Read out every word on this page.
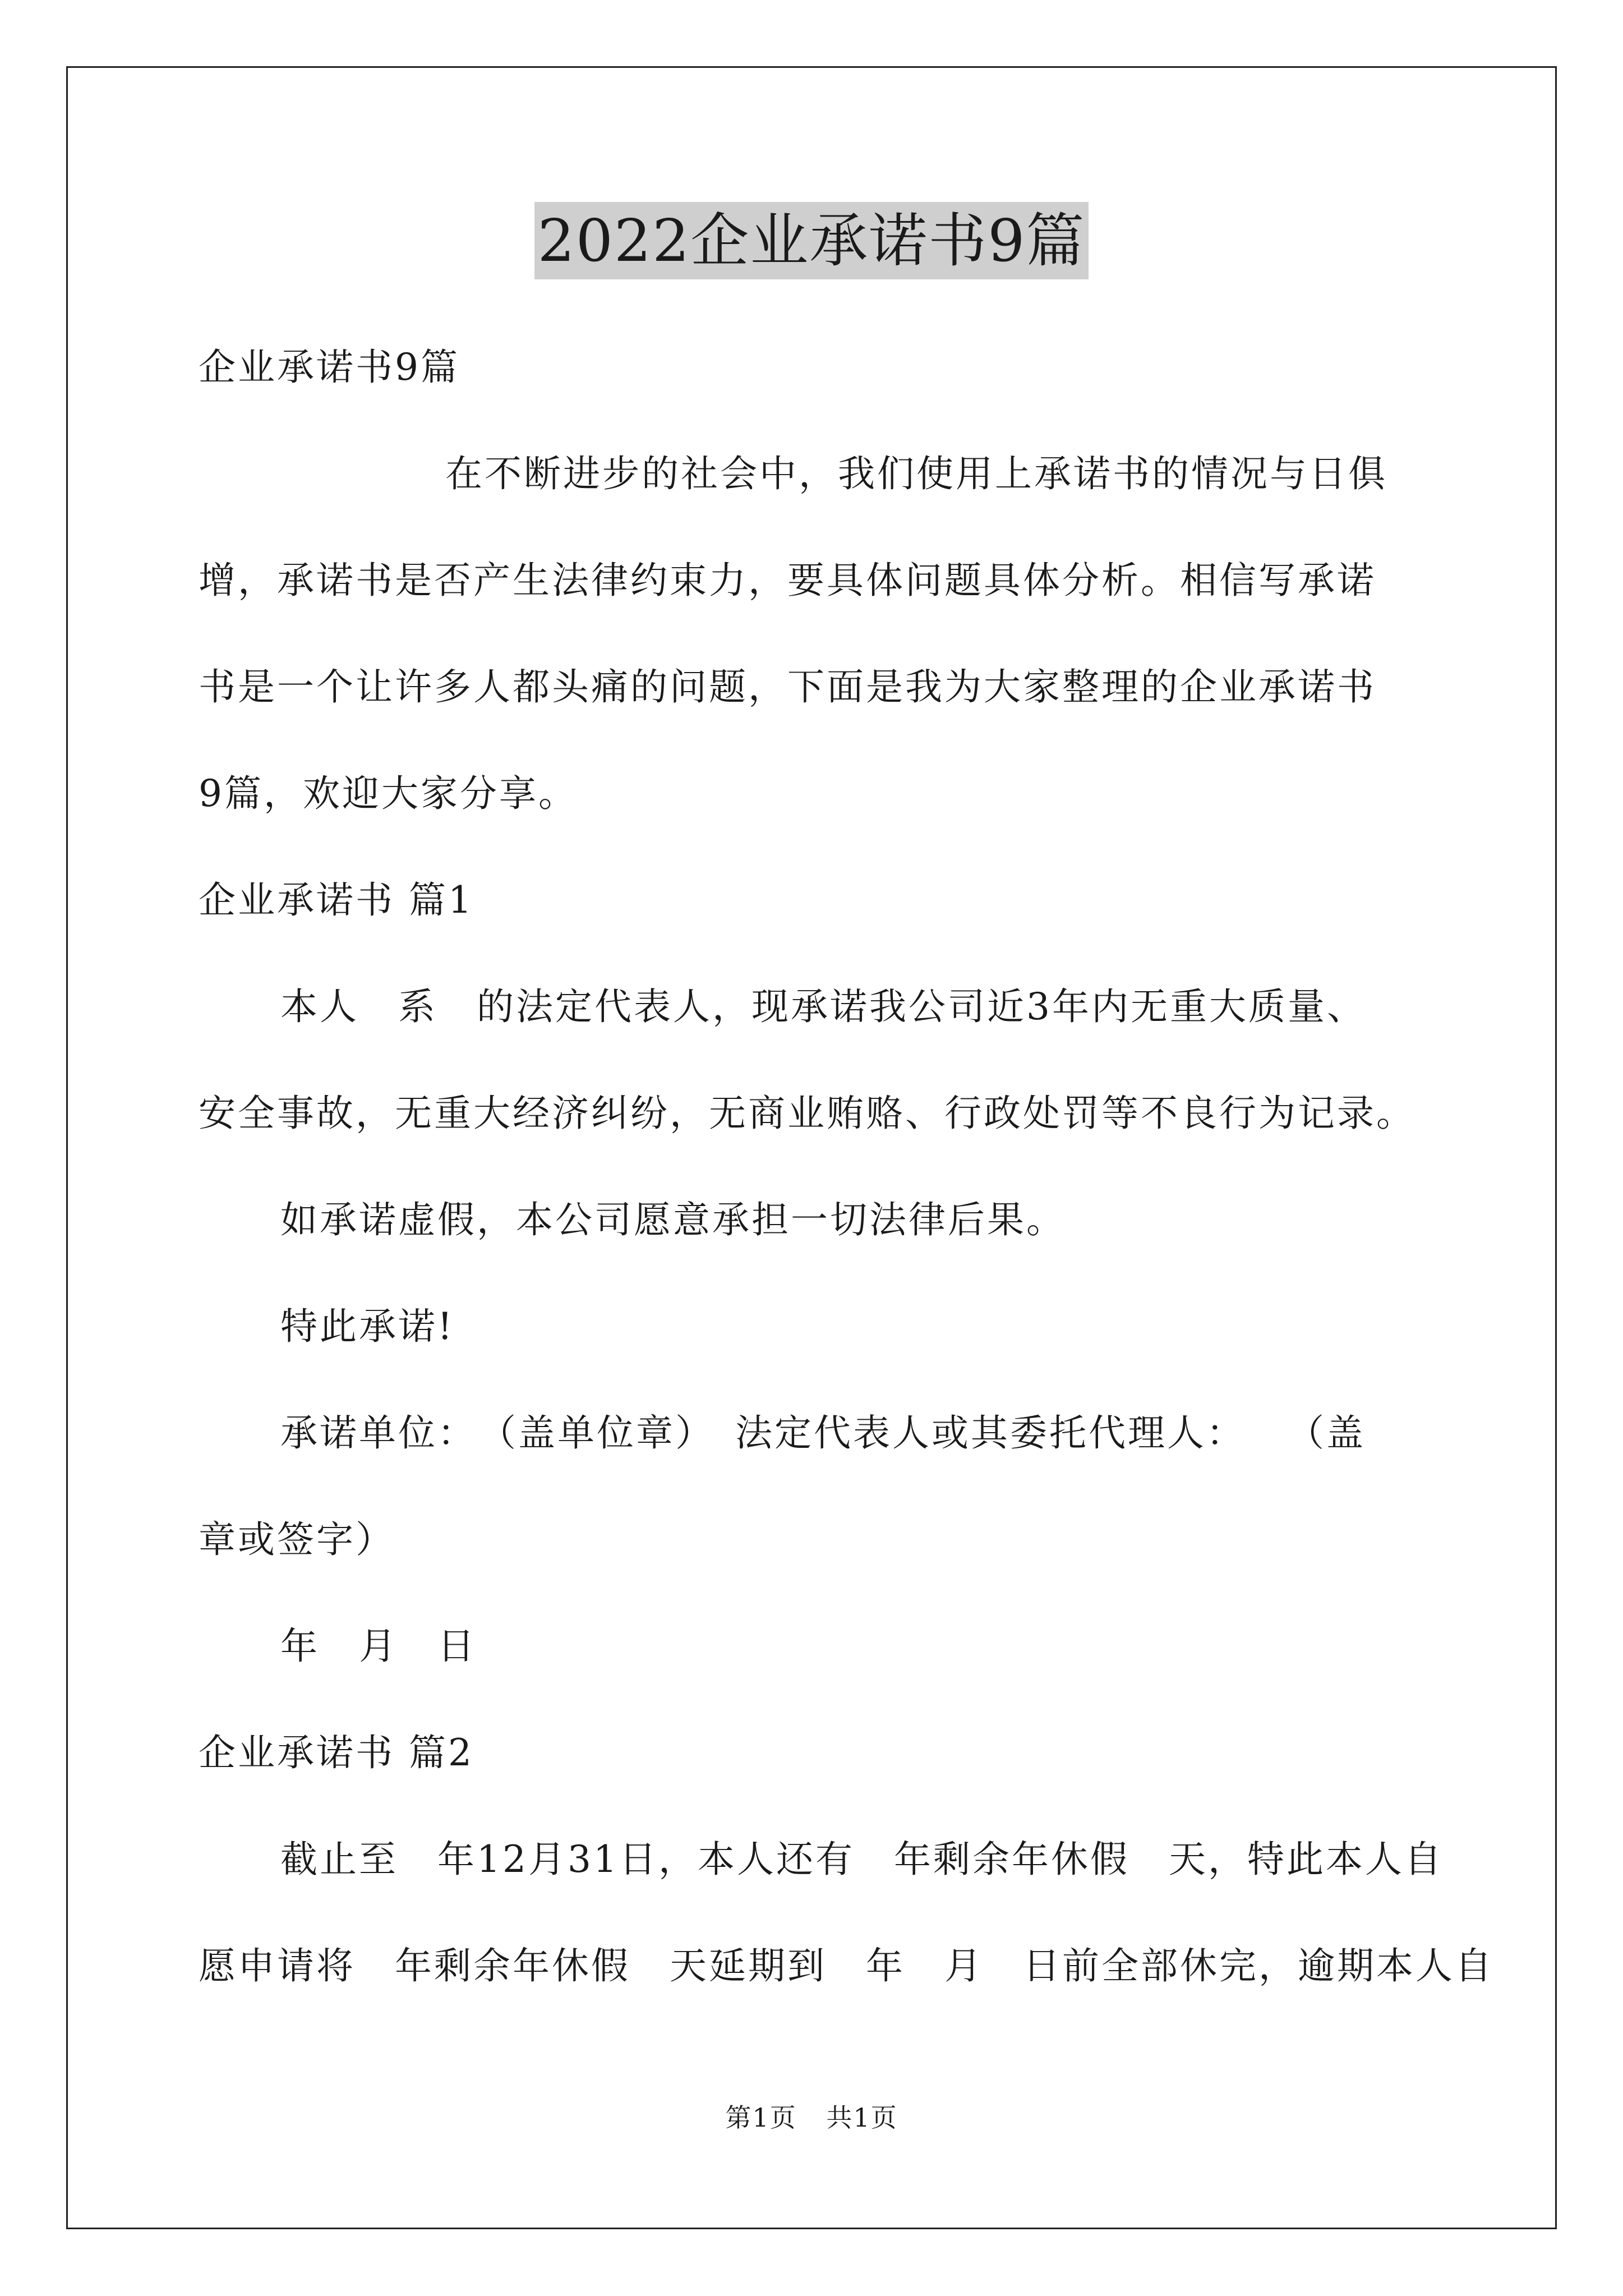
2022企业承诺书9篇
企业承诺书9篇
在不断进步的社会中，我们使用上承诺书的情况与日俱
增，承诺书是否产生法律约束力，要具体问题具体分析。相信写承诺
书是一个让许多人都头痛的问题，下面是我为大家整理的企业承诺书
9篇，欢迎大家分享。
企业承诺书 篇1
本人　系　的法定代表人，现承诺我公司近3年内无重大质量、
安全事故，无重大经济纠纷，无商业贿赂、行政处罚等不良行为记录。
如承诺虚假，本公司愿意承担一切法律后果。
特此承诺!
承诺单位：　（盖单位章）　法定代表人或其委托代理人：　　（盖
章或签字）
年　月　日
企业承诺书 篇2
截止至　年12月31日，本人还有　年剩余年休假　天，特此本人自
愿申请将　年剩余年休假　天延期到　年　月　日前全部休完，逾期本人自
第1页 共1页
